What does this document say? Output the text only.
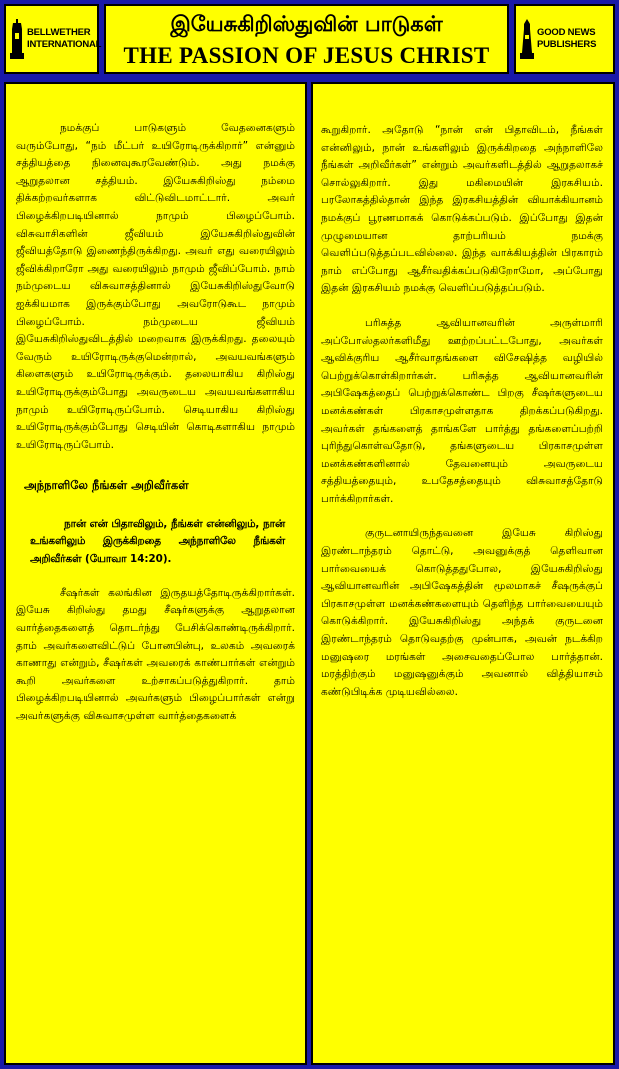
BELLWETHER INTERNATIONAL
இயேசுகிறிஸ்துவின் பாடுகள்
THE PASSION OF JESUS CHRIST
GOOD NEWS PUBLISHERS

நமக்குப் பாடுகளும் வேதனைகளும் வரும்போது, “நம் மீட்பர் உயிரோடிருக்கிறார்” என்னும் சத்தியத்தை நினைவுகூரவேண்டும். அது நமக்கு ஆறுதலான சத்தியம். இயேசுகிறிஸ்து நம்மை திக்கற்றவர்களாக விட்டுவிடமாட்டார். அவர் பிழைக்கிறபடியினால் நாமும் பிழைப்போம். விசுவாசிகளின் ஜீவியம் இயேசுகிறிஸ்துவின் ஜீவியத்தோடு இணைந்திருக்கிறது. அவர் எது வரையிலும் ஜீவிக்கிறாரோ அது வரையிலும் நாமும் ஜீவிப்போம். நாம் நம்முடைய விசுவாசத்தினால் இயேசுகிறிஸ்துவோடு ஐக்கியமாக இருக்கும்போது அவரோடுகூட நாமும் பிழைப்போம். நம்முடைய ஜீவியம் இயேசுகிறிஸ்துவிடத்தில் மறைவாக இருக்கிறது. தலையும் வேரும் உயிரோடிருக்குமென்றால், அவயவங்களும் கிளைகளும் உயிரோடிருக்கும். தலையாகிய கிறிஸ்து உயிரோடிருக்கும்போது அவருடைய அவயவங்களாகிய நாமும் உயிரோடிருப்போம். செடியாகிய கிறிஸ்து உயிரோடிருக்கும்போது செடியின் கொடிகளாகிய நாமும் உயிரோடிருப்போம்.

அந்நாளிலே நீங்கள் அறிவீர்கள்

நான் என் பிதாவிலும், நீங்கள் என்னிலும், நான் உங்களிலும் இருக்கிறதை அந்நாளிலே நீங்கள் அறிவீர்கள் (யோவா 14:20).

சீஷர்கள் கலங்கின இருதயத்தோடிருக்கிறார்கள். இயேசு கிறிஸ்து தமது சீஷர்களுக்கு ஆறுதலான வார்த்தைகளைத் தொடர்ந்து பேசிக்கொண்டிருக்கிறார். தாம் அவர்களைவிட்டுப் போனபின்பு, உலகம் அவரைக் காணாது என்றும், சீஷர்கள் அவரைக் காண்பார்கள் என்றும் கூறி அவர்களை உற்சாகப்படுத்துகிறார். தாம் பிழைக்கிறபடியினால் அவர்களும் பிழைப்பார்கள் என்று அவர்களுக்கு விசுவாசமுள்ள வார்த்தைகளைக்

கூறுகிறார். அதோடு “நான் என் பிதாவிடம், நீங்கள் என்னிலும், நான் உங்களிலும் இருக்கிறதை அந்நாளிலே நீங்கள் அறிவீர்கள்” என்றும் அவர்களிடத்தில் ஆறுதலாகச் சொல்லுகிறார். இது மகிமையின் இரகசியம். பரலோகத்தில்தான் இந்த இரகசியத்தின் வியாக்கியானம் நமக்குப் பூரணமாகக் கொடுக்கப்படும். இப்போது இதன் முழுமையான தாற்பரியம் நமக்கு வெளிப்படுத்தப்படவில்லை. இந்த வாக்கியத்தின் பிரகாரம் நாம் எப்போது ஆசீர்வதிக்கப்படுகிறோமோ, அப்போது இதன் இரகசியம் நமக்கு வெளிப்படுத்தப்படும்.

பரிசுத்த ஆவியானவரின் அருள்மாரி அப்போஸ்தலர்களிமீது ஊற்றப்பட்டபோது, அவர்கள் ஆவிக்குரிய ஆசீர்வாதங்களை விசேஷித்த வழியில் பெற்றுக்கொள்கிறார்கள். பரிசுத்த ஆவியானவரின் அபிஷேகத்தைப் பெற்றுக்கொண்ட பிறகு சீஷர்களுடைய மனக்கண்கள் பிரகாசமுள்ளதாக திறக்கப்படுகிறது. அவர்கள் தங்களைத் தாங்களே பார்த்து தங்களைப்பற்றி புரிந்துகொள்வதோடு, தங்களுடைய பிரகாசமுள்ள மனக்கண்களினால் தேவனையும் அவருடைய சத்தியத்தையும், உபதேசத்தையும் விசுவாசத்தோடு பார்க்கிறார்கள்.

குருடனாயிருந்தவனை இயேசு கிறிஸ்து இரண்டாந்தரம் தொட்டு, அவனுக்குத் தெளிவான பார்வையைக் கொடுத்ததுபோல, இயேசுகிறிஸ்து ஆவியானவரின் அபிஷேகத்தின் மூலமாகச் சீஷருக்குப் பிரகாசமுள்ள மனக்கண்களையும் தெளிந்த பார்வையையும் கொடுக்கிறார். இயேசுகிறிஸ்து அந்தக் குருடனை இரண்டாந்தரம் தொடுவதற்கு முன்பாக, அவன் நடக்கிற மனுஷரை மரங்கள் அசைவதைப்போல பார்த்தான். மரத்திற்கும் மனுஷனுக்கும் அவனால் வித்தியாசம் கண்டுபிடிக்க முடியவில்லை.
